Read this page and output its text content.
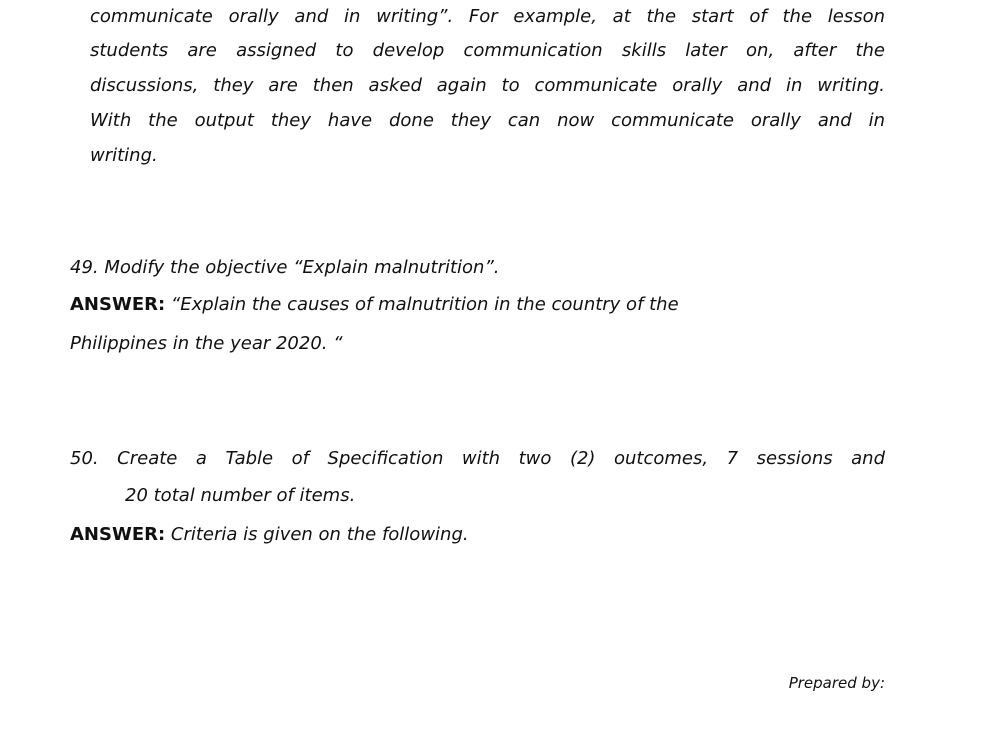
communicate orally and in writing”. For example, at the start of the lesson
students are assigned to develop communication skills later on, after the
discussions, they are then asked again to communicate orally and in writing.
With the output they have done they can now communicate orally and in
writing.
49. Modify the objective “Explain malnutrition”.
ANSWER: “Explain the causes of malnutrition in the country of the
Philippines in the year 2020. “
50. Create a Table of Specification with two (2) outcomes, 7 sessions and
20 total number of items.
ANSWER: Criteria is given on the following.
Prepared by:
